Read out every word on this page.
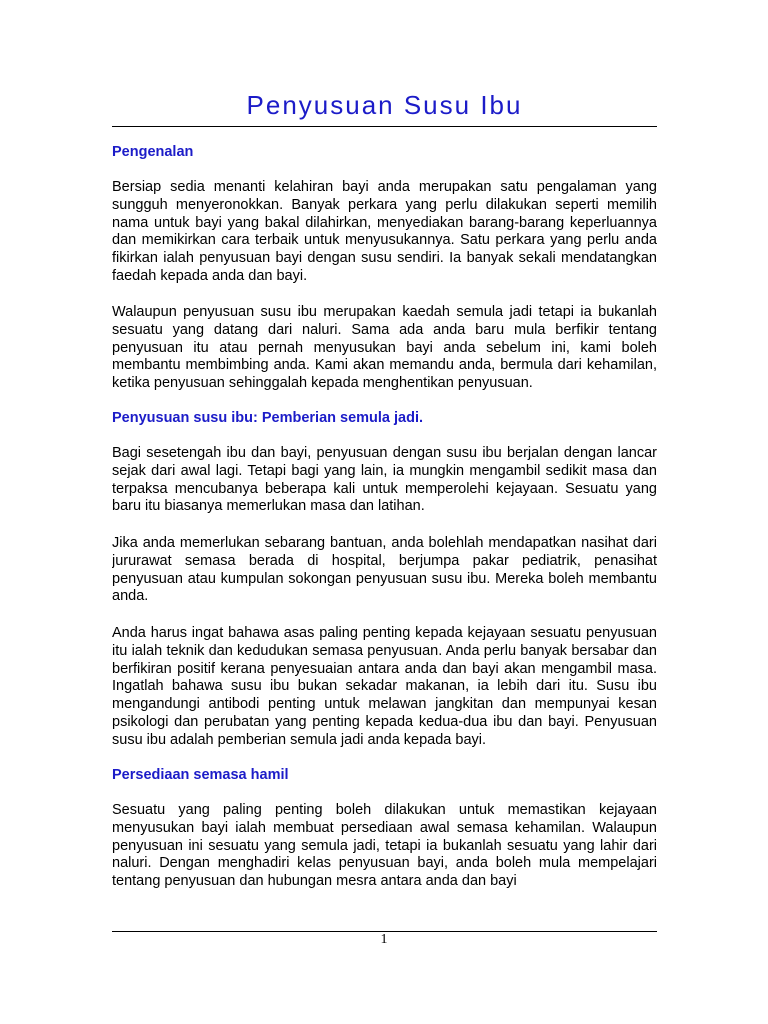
Penyusuan Susu Ibu
Pengenalan

Bersiap sedia menanti kelahiran bayi anda merupakan satu pengalaman yang sungguh menyeronokkan. Banyak perkara yang perlu dilakukan seperti memilih nama untuk bayi yang bakal dilahirkan, menyediakan barang-barang keperluannya dan memikirkan cara terbaik untuk menyusukannya. Satu perkara yang perlu anda fikirkan ialah penyusuan bayi dengan susu sendiri. Ia banyak sekali mendatangkan faedah kepada anda dan bayi.

Walaupun penyusuan susu ibu merupakan kaedah semula jadi tetapi ia bukanlah sesuatu yang datang dari naluri. Sama ada anda baru mula berfikir tentang penyusuan itu atau pernah menyusukan bayi anda sebelum ini, kami boleh membantu membimbing anda. Kami akan memandu anda, bermula dari kehamilan, ketika penyusuan sehinggalah kepada menghentikan penyusuan.

Penyusuan susu ibu: Pemberian semula jadi.

Bagi sesetengah ibu dan bayi, penyusuan dengan susu ibu berjalan dengan lancar sejak dari awal lagi. Tetapi bagi yang lain, ia mungkin mengambil sedikit masa dan terpaksa mencubanya beberapa kali untuk memperolehi kejayaan. Sesuatu yang baru itu biasanya memerlukan masa dan latihan.

Jika anda memerlukan sebarang bantuan, anda bolehlah mendapatkan nasihat dari jururawat semasa berada di hospital, berjumpa pakar pediatrik, penasihat penyusuan atau kumpulan sokongan penyusuan susu ibu. Mereka boleh membantu anda.

Anda harus ingat bahawa asas paling penting kepada kejayaan sesuatu penyusuan itu ialah teknik dan kedudukan semasa penyusuan. Anda perlu banyak bersabar dan berfikiran positif kerana penyesuaian antara anda dan bayi akan mengambil masa. Ingatlah bahawa susu ibu bukan sekadar makanan, ia lebih dari itu. Susu ibu mengandungi antibodi penting untuk melawan jangkitan dan mempunyai kesan psikologi dan perubatan yang penting kepada kedua-dua ibu dan bayi. Penyusuan susu ibu adalah pemberian semula jadi anda kepada bayi.

Persediaan semasa hamil

Sesuatu yang paling penting boleh dilakukan untuk memastikan kejayaan menyusukan bayi ialah membuat persediaan awal semasa kehamilan. Walaupun penyusuan ini sesuatu yang semula jadi, tetapi ia bukanlah sesuatu yang lahir dari naluri. Dengan menghadiri kelas penyusuan bayi, anda boleh mula mempelajari tentang penyusuan dan hubungan mesra antara anda dan bayi

1
